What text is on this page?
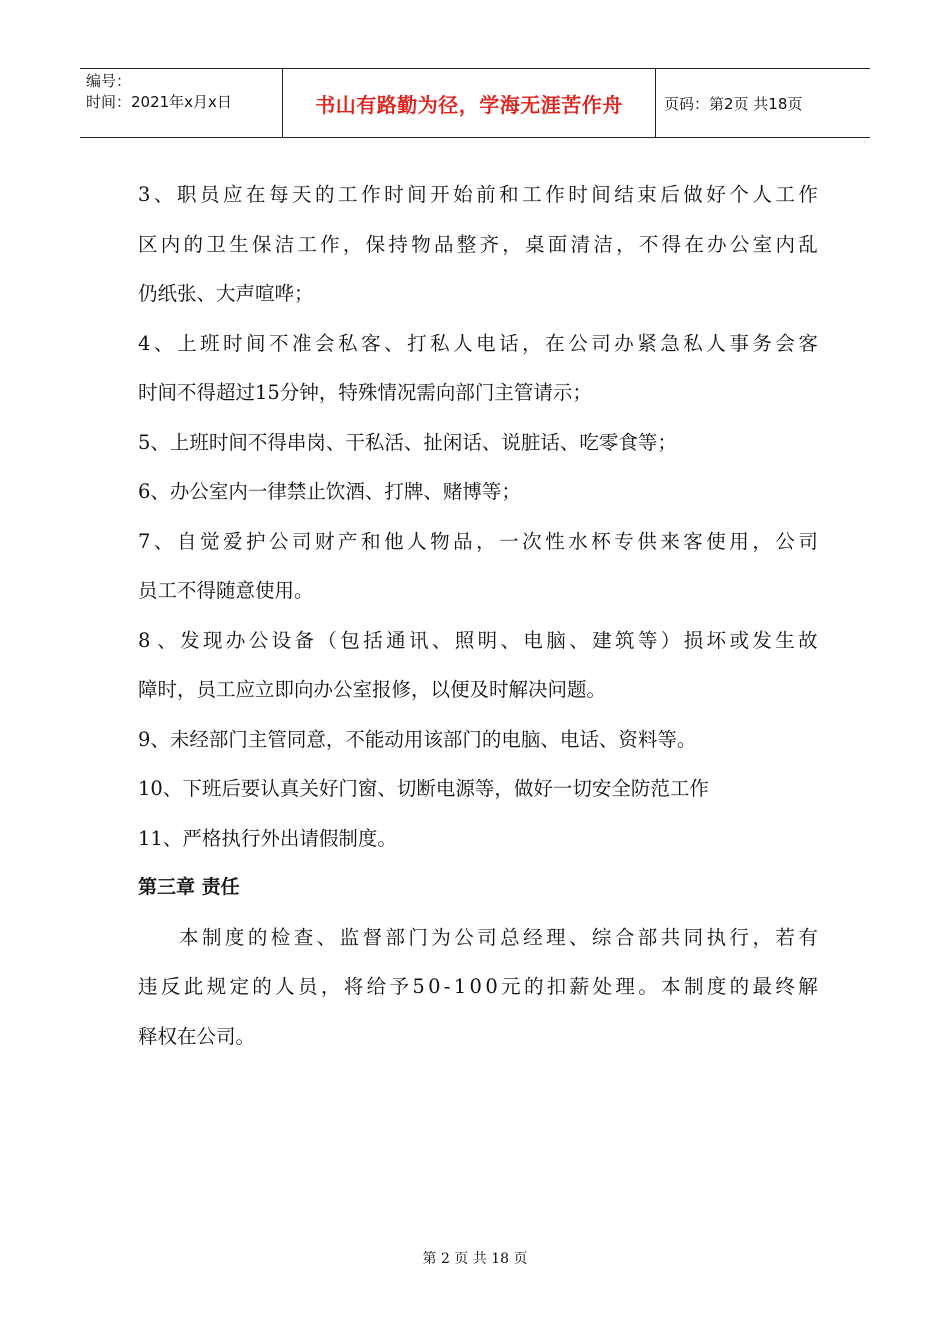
编号：
时间：2021年x月x日	书山有路勤为径，学海无涯苦作舟	页码：第2页 共18页
3 、 职 员 应 在 每 天 的 工 作 时 间 开 始 前 和 工 作 时 间 结 束 后 做 好 个 人 工 作
区 内 的 卫 生 保 洁 工 作 ， 保 持 物 品 整 齐 ， 桌 面 清 洁 ， 不 得 在 办 公 室 内 乱
仍纸张、大声喧哗；
4 、 上 班 时 间 不 准 会 私 客 、 打 私 人 电 话 ， 在 公 司 办 紧 急 私 人 事 务 会 客
时间不得超过15分钟，特殊情况需向部门主管请示；
5、上班时间不得串岗、干私活、扯闲话、说脏话、吃零食等；
6、办公室内一律禁止饮酒、打牌、赌博等；
7 、 自 觉 爱 护 公 司 财 产 和 他 人 物 品 ， 一 次 性 水 杯 专 供 来 客 使 用 ， 公 司
员工不得随意使用。
8 、 发 现 办 公 设 备 （ 包 括 通 讯 、 照 明 、 电 脑 、 建 筑 等 ） 损 坏 或 发 生 故
障时，员工应立即向办公室报修，以便及时解决问题。
9、未经部门主管同意，不能动用该部门的电脑、电话、资料等。
10、下班后要认真关好门窗、切断电源等，做好一切安全防范工作
11、严格执行外出请假制度。
第三章 责任
本 制 度 的 检 查 、 监 督 部 门 为 公 司 总 经 理 、 综 合 部 共 同 执 行 ， 若 有
违 反 此 规 定 的 人 员 ， 将 给 予 5 0 - 1 0 0 元 的 扣 薪 处 理 。 本 制 度 的 最 终 解
释权在公司。
第 2 页 共 18 页
